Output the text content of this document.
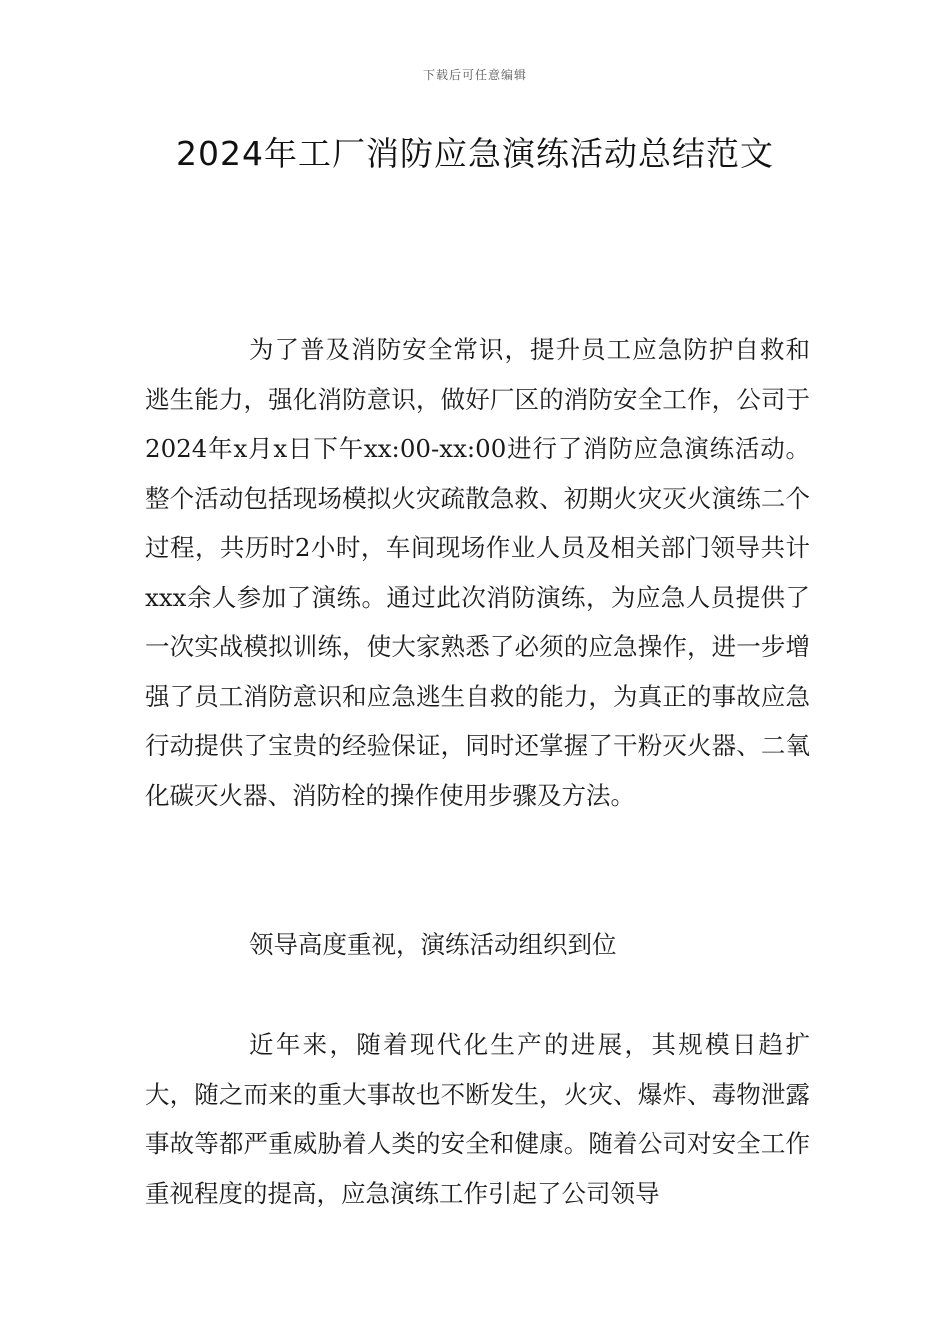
下载后可任意编辑
2024年工厂消防应急演练活动总结范文

为了普及消防安全常识，提升员工应急防护自救和逃生能力，强化消防意识，做好厂区的消防安全工作，公司于2024年x月x日下午xx:00-xx:00进行了消防应急演练活动。整个活动包括现场模拟火灾疏散急救、初期火灾灭火演练二个过程，共历时2小时，车间现场作业人员及相关部门领导共计xxx余人参加了演练。通过此次消防演练，为应急人员提供了一次实战模拟训练，使大家熟悉了必须的应急操作，进一步增强了员工消防意识和应急逃生自救的能力，为真正的事故应急行动提供了宝贵的经验保证，同时还掌握了干粉灭火器、二氧化碳灭火器、消防栓的操作使用步骤及方法。

领导高度重视，演练活动组织到位

近年来，随着现代化生产的进展，其规模日趋扩大，随之而来的重大事故也不断发生，火灾、爆炸、毒物泄露事故等都严重威胁着人类的安全和健康。随着公司对安全工作重视程度的提高，应急演练工作引起了公司领导
